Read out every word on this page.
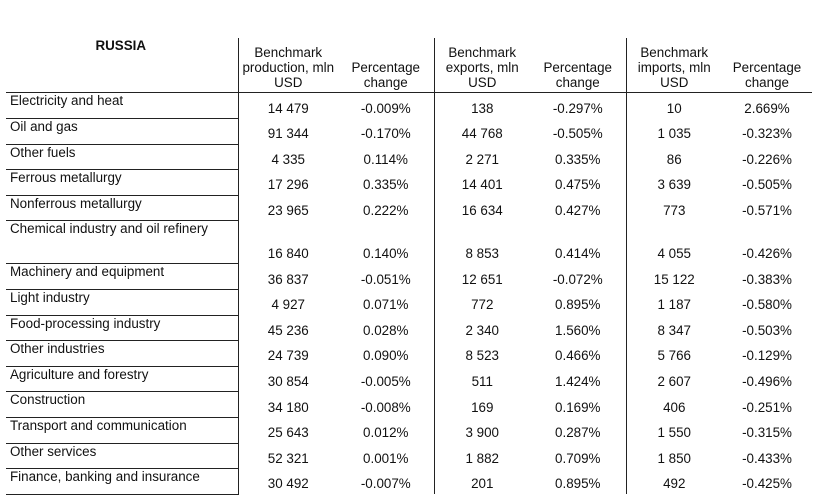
RUSSIA	Benchmark production, mln USD	Percentage change	Benchmark exports, mln USD	Percentage change	Benchmark imports, mln USD	Percentage change
Electricity and heat	14 479	-0.009%	138	-0.297%	10	2.669%
Oil and gas	91 344	-0.170%	44 768	-0.505%	1 035	-0.323%
Other fuels	4 335	0.114%	2 271	0.335%	86	-0.226%
Ferrous metallurgy	17 296	0.335%	14 401	0.475%	3 639	-0.505%
Nonferrous metallurgy	23 965	0.222%	16 634	0.427%	773	-0.571%
Chemical industry and oil refinery	16 840	0.140%	8 853	0.414%	4 055	-0.426%
Machinery and equipment	36 837	-0.051%	12 651	-0.072%	15 122	-0.383%
Light industry	4 927	0.071%	772	0.895%	1 187	-0.580%
Food-processing industry	45 236	0.028%	2 340	1.560%	8 347	-0.503%
Other industries	24 739	0.090%	8 523	0.466%	5 766	-0.129%
Agriculture and forestry	30 854	-0.005%	511	1.424%	2 607	-0.496%
Construction	34 180	-0.008%	169	0.169%	406	-0.251%
Transport and communication	25 643	0.012%	3 900	0.287%	1 550	-0.315%
Other services	52 321	0.001%	1 882	0.709%	1 850	-0.433%
Finance, banking and insurance	30 492	-0.007%	201	0.895%	492	-0.425%
